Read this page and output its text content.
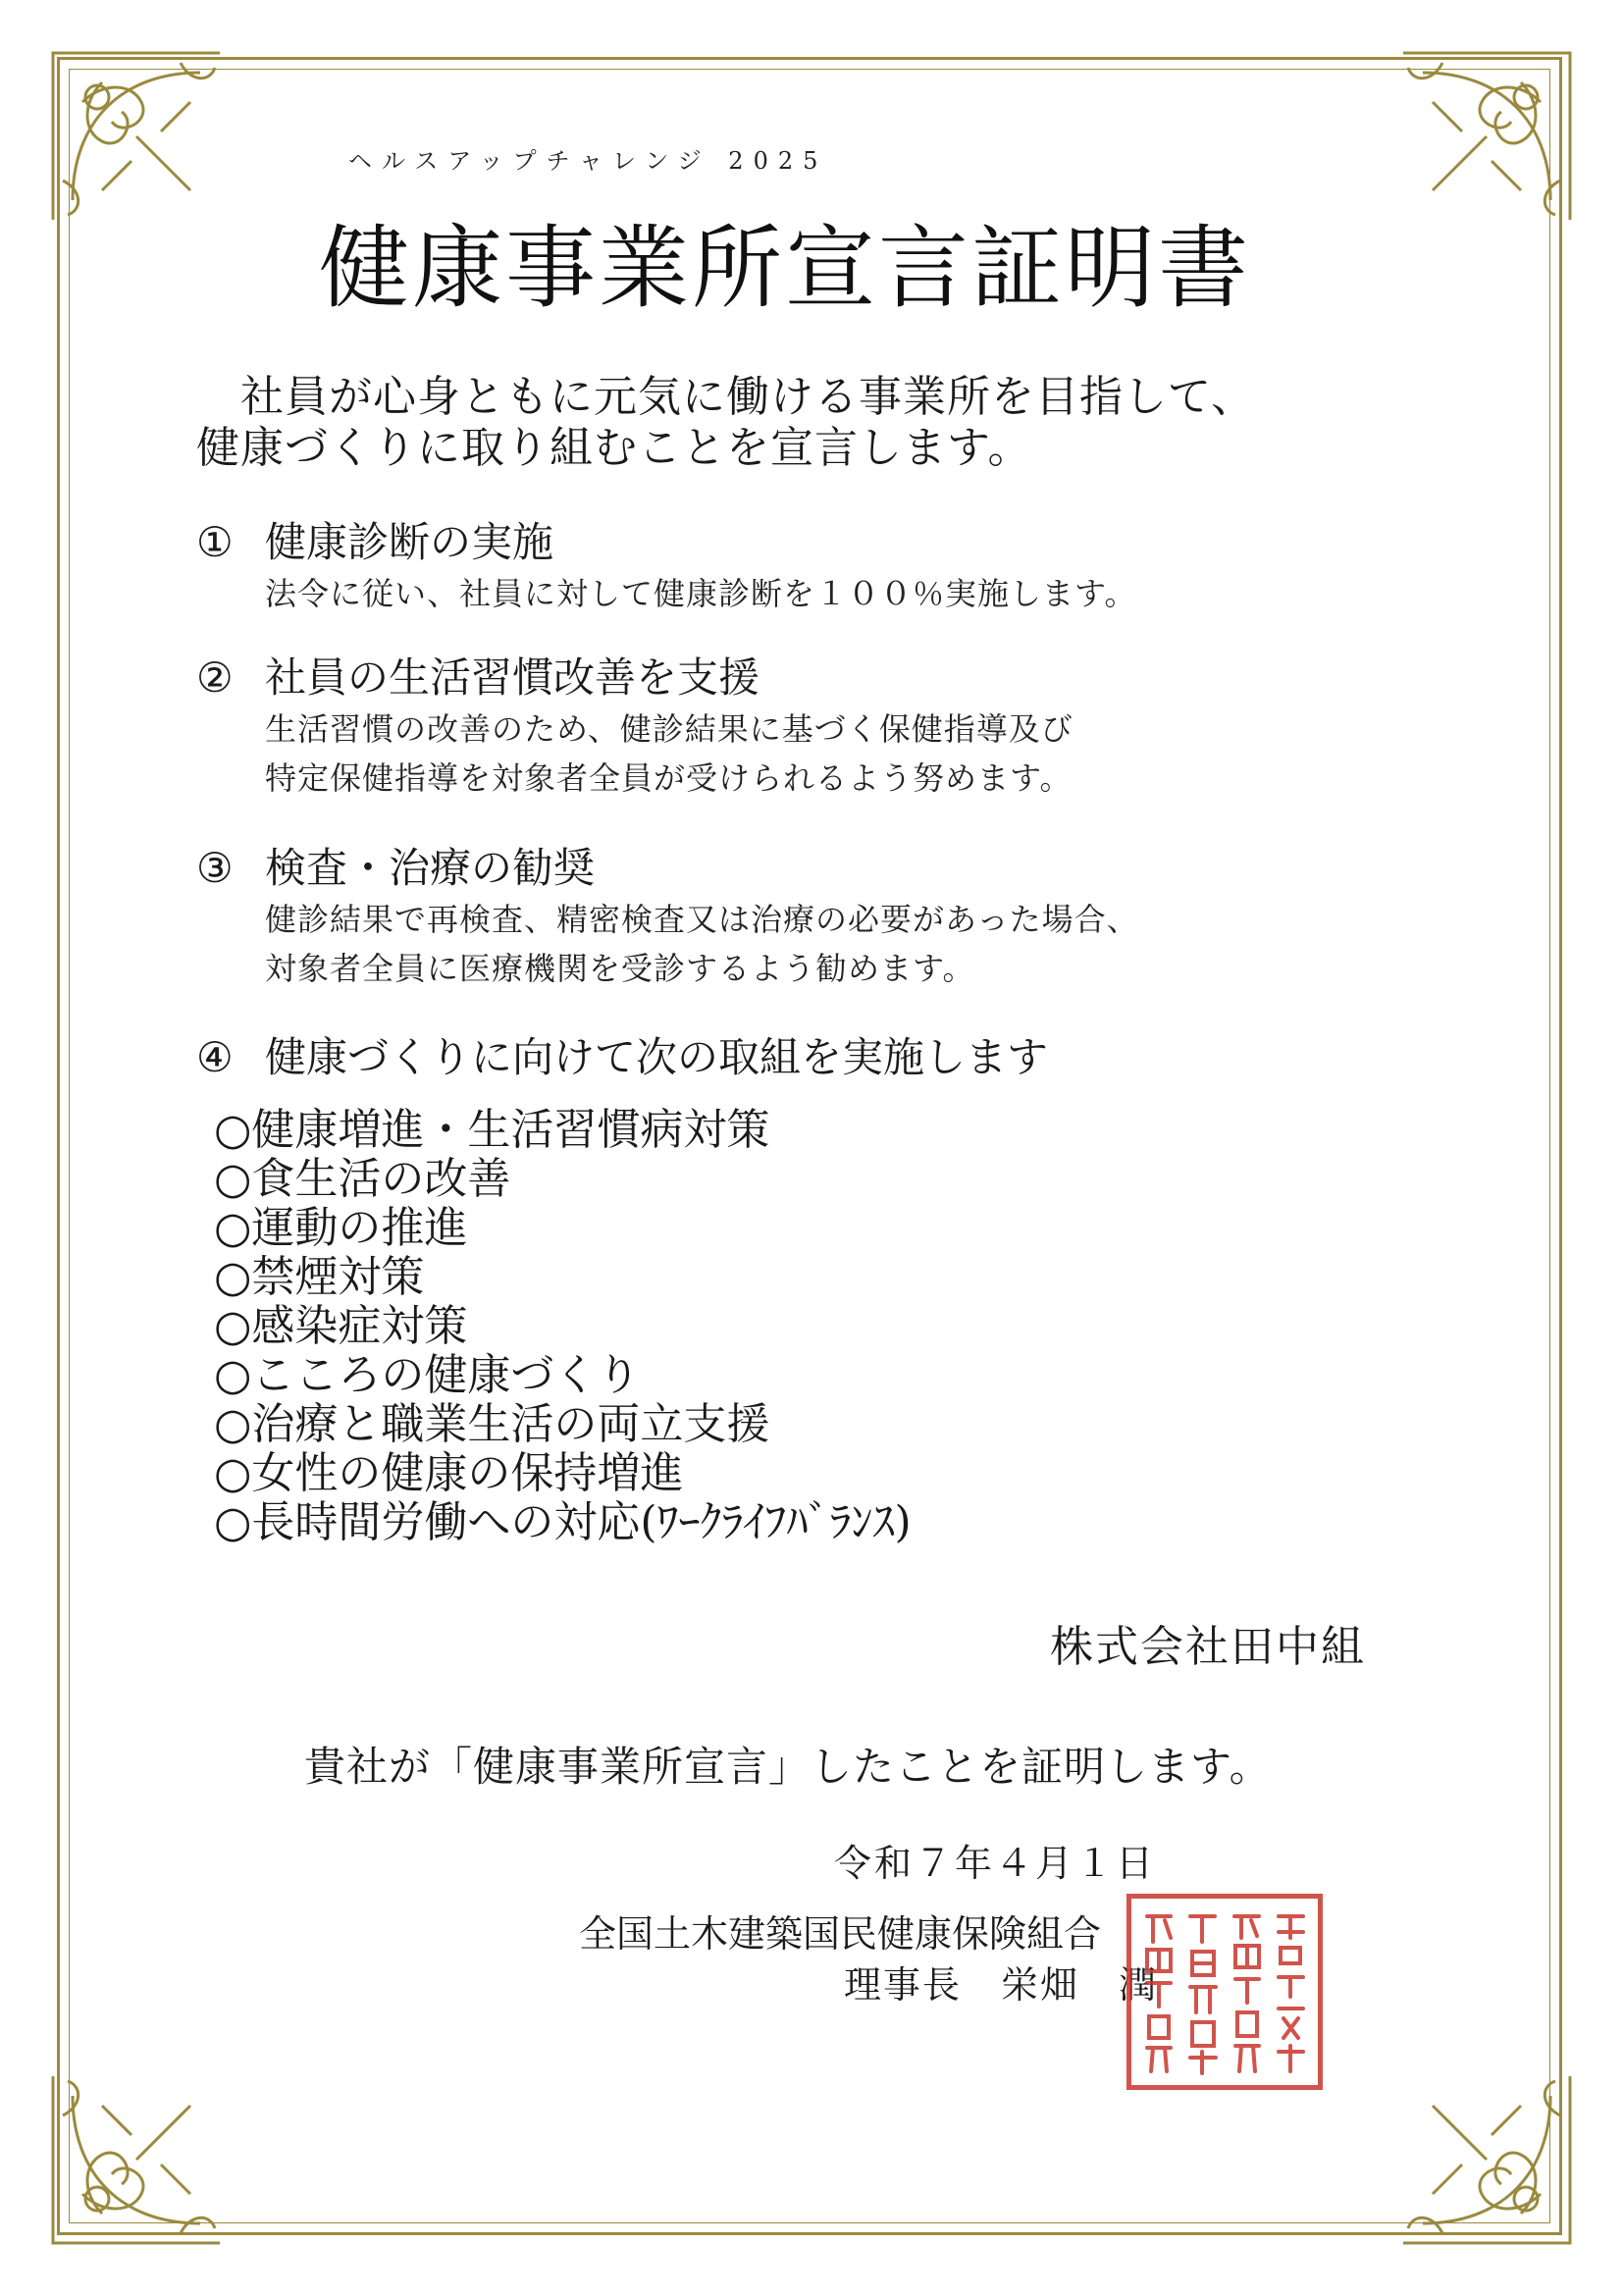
ヘルスアップチャレンジ 2025
健康事業所宣言証明書
社員が心身ともに元気に働ける事業所を目指して、
健康づくりに取り組むことを宣言します。
① 健康診断の実施
法令に従い、社員に対して健康診断を１００％実施します。
② 社員の生活習慣改善を支援
生活習慣の改善のため、健診結果に基づく保健指導及び
特定保健指導を対象者全員が受けられるよう努めます。
③ 検査・治療の勧奨
健診結果で再検査、精密検査又は治療の必要があった場合、
対象者全員に医療機関を受診するよう勧めます。
④ 健康づくりに向けて次の取組を実施します
○健康増進・生活習慣病対策
○食生活の改善
○運動の推進
○禁煙対策
○感染症対策
○こころの健康づくり
○治療と職業生活の両立支援
○女性の健康の保持増進
○長時間労働への対応(ﾜｰｸﾗｲﾌﾊﾞﾗﾝｽ)
株式会社田中組
貴社が「健康事業所宣言」したことを証明します。
令和７年４月１日
全国土木建築国民健康保険組合
理事長　栄畑　潤
